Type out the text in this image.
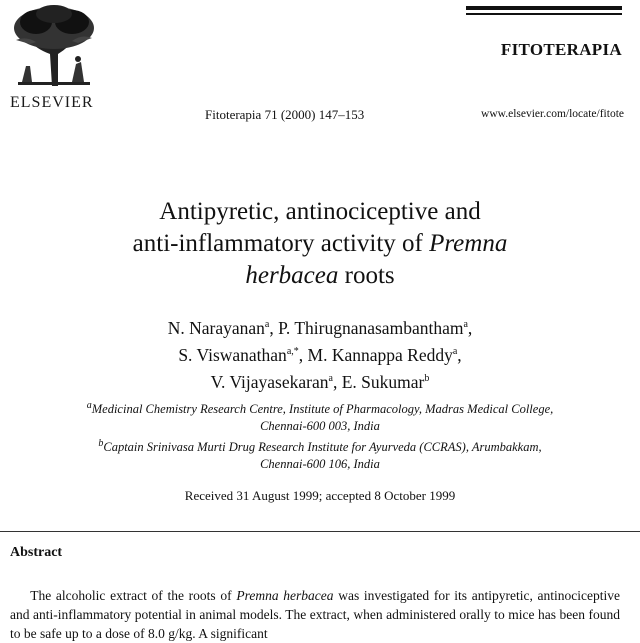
ELSEVIER
FITOTERAPIA
Fitoterapia 71 (2000) 147–153	www.elsevier.com/locate/fitote
Antipyretic, antinociceptive and
anti-inflammatory activity of Premna
herbacea roots
N. Narayanan$^a$, P. Thirugnanasambantham$^a$,
S. Viswanathan$^{a,*}$, M. Kannappa Reddy$^a$,
V. Vijayasekaran$^a$, E. Sukumar$^b$
$^a$Medicinal Chemistry Research Centre, Institute of Pharmacology, Madras Medical College,
Chennai-600 003, India
$^b$Captain Srinivasa Murti Drug Research Institute for Ayurveda (CCRAS), Arumbakkam,
Chennai-600 106, India
Received 31 August 1999; accepted 8 October 1999
Abstract
  The alcoholic extract of the roots of Premna herbacea was investigated for its antipyretic, antinociceptive and anti-inflammatory potential in animal models. The extract, when administered orally to mice has been found to be safe up to a dose of 8.0 g/kg. A significant
